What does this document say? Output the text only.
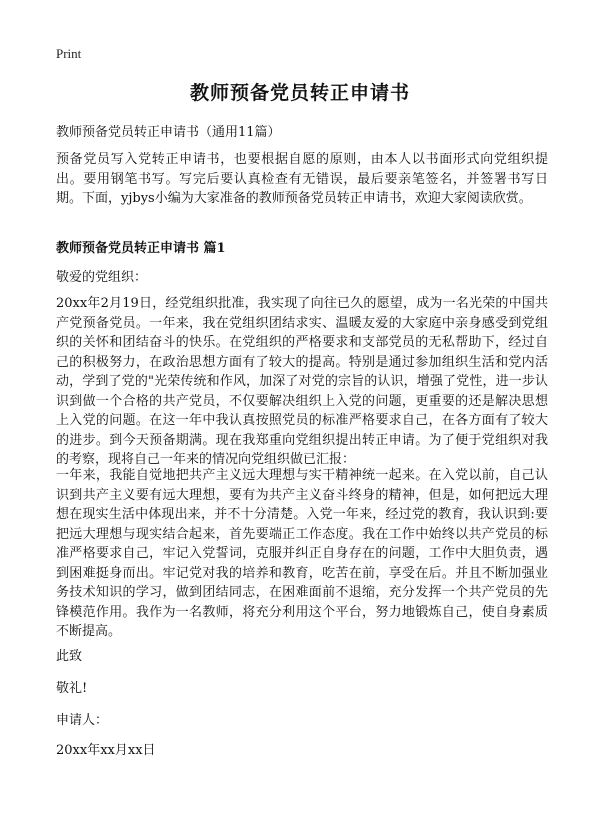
Print
教师预备党员转正申请书
教师预备党员转正申请书（通用11篇）
预备党员写入党转正申请书，也要根据自愿的原则，由本人以书面形式向党组织提出。要用钢笔书写。写完后要认真检查有无错误，最后要亲笔签名，并签署书写日期。下面，yjbys小编为大家准备的教师预备党员转正申请书，欢迎大家阅读欣赏。
教师预备党员转正申请书 篇1
敬爱的党组织：
20xx年2月19日，经党组织批准，我实现了向往已久的愿望，成为一名光荣的中国共产党预备党员。一年来，我在党组织团结求实、温暖友爱的大家庭中亲身感受到党组织的关怀和团结奋斗的快乐。在党组织的严格要求和支部党员的无私帮助下，经过自己的积极努力，在政治思想方面有了较大的提高。特别是通过参加组织生活和党内活动，学到了党的"光荣传统和作风，加深了对党的宗旨的认识，增强了党性，进一步认识到做一个合格的共产党员，不仅要解决组织上入党的问题，更重要的还是解决思想上入党的问题。在这一年中我认真按照党员的标准严格要求自己，在各方面有了较大的进步。到今天预备期满。现在我郑重向党组织提出转正申请。为了便于党组织对我的考察，现将自己一年来的情况向党组织做已汇报：
一年来，我能自觉地把共产主义远大理想与实干精神统一起来。在入党以前，自己认识到共产主义要有远大理想，要有为共产主义奋斗终身的精神，但是，如何把远大理想在现实生活中体现出来，并不十分清楚。入党一年来，经过党的教育，我认识到:要把远大理想与现实结合起来，首先要端正工作态度。我在工作中始终以共产党员的标准严格要求自己，牢记入党誓词，克服并纠正自身存在的问题，工作中大胆负责，遇到困难挺身而出。牢记党对我的培养和教育，吃苦在前，享受在后。并且不断加强业务技术知识的学习，做到团结同志，在困难面前不退缩，充分发挥一个共产党员的先锋模范作用。我作为一名教师，将充分利用这个平台，努力地锻炼自己，使自身素质不断提高。
此致
敬礼!
申请人：
20xx年xx月xx日
